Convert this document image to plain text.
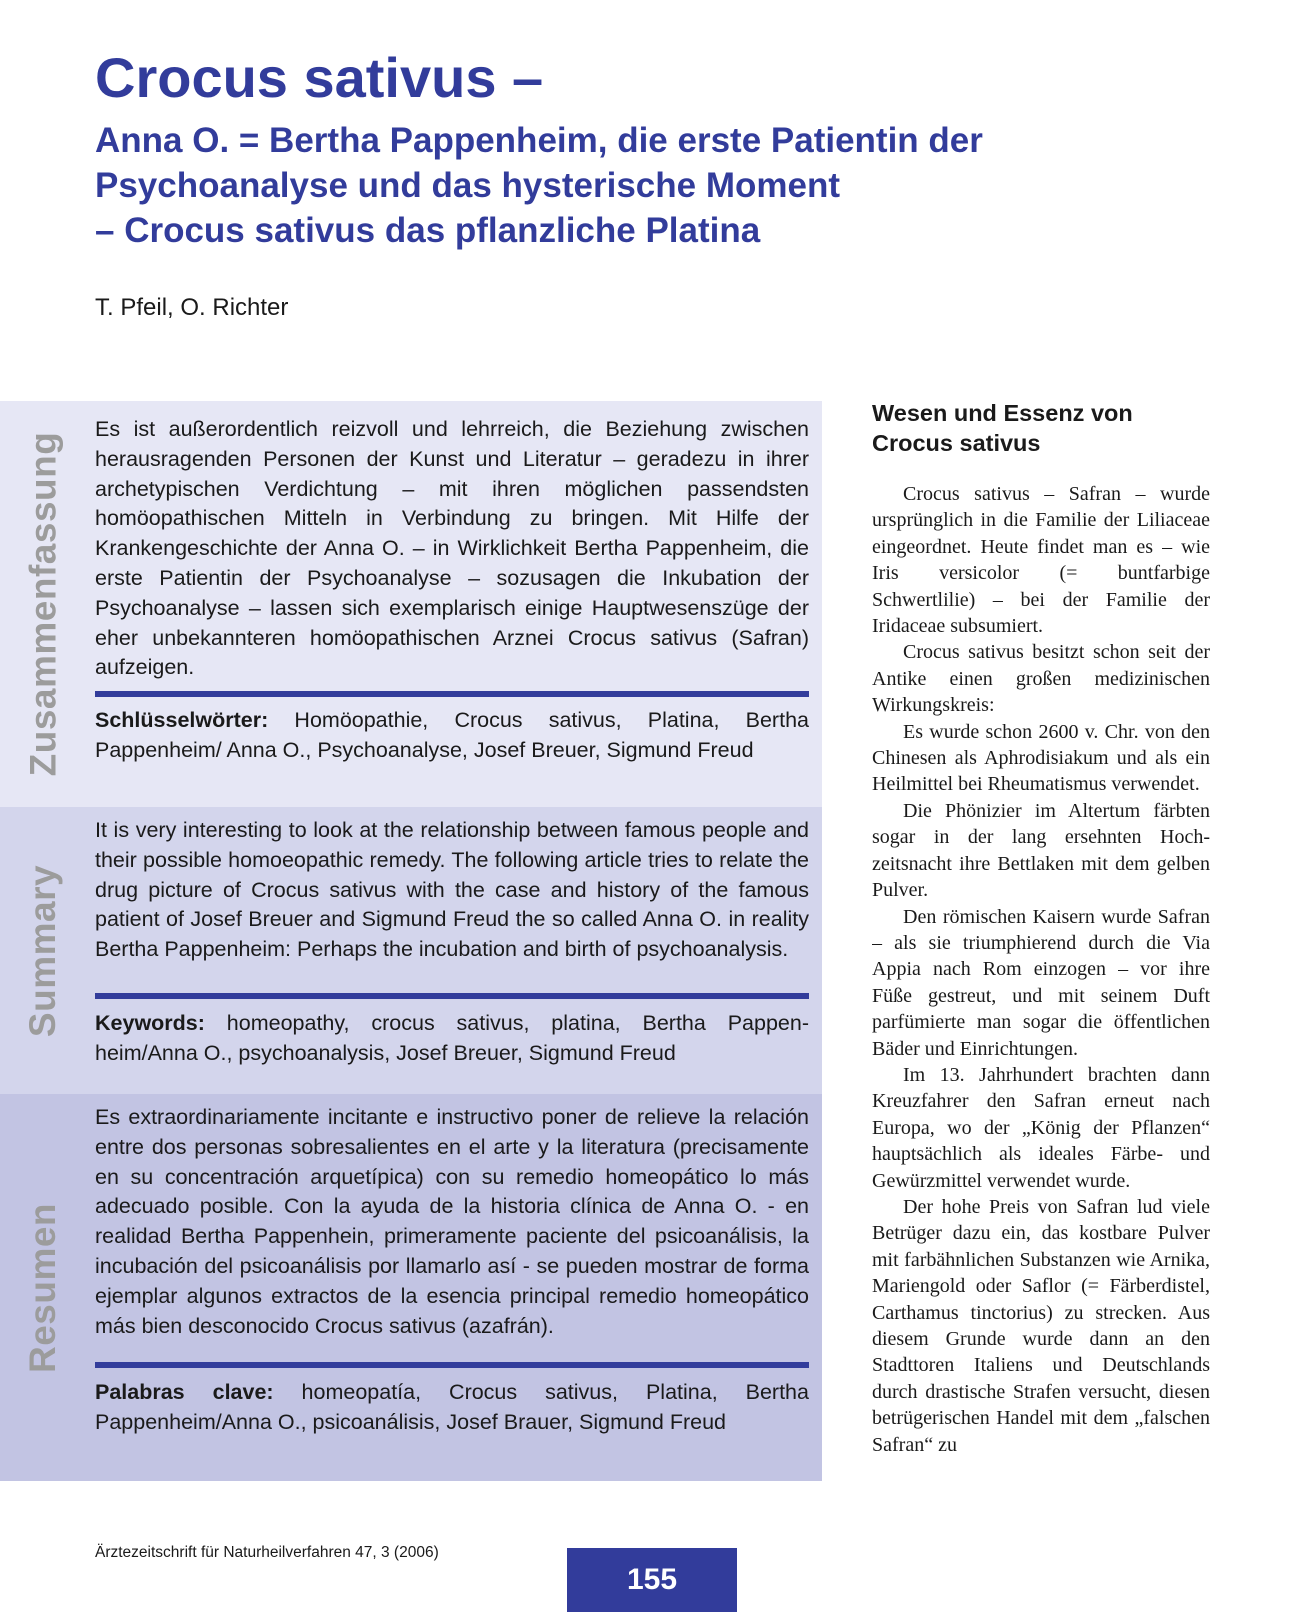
Crocus sativus –
Anna O. = Bertha Pappenheim, die erste Patientin der
Psychoanalyse und das hysterische Moment
– Crocus sativus das pflanzliche Platina
T. Pfeil, O. Richter
Zusammenfassung

Es ist außerordentlich reizvoll und lehrreich, die Beziehung zwischen herausragenden Personen der Kunst und Literatur – geradezu in ihrer archetypischen Verdichtung – mit ihren möglichen passendsten homöopathischen Mitteln in Verbindung zu bringen. Mit Hilfe der Krankengeschichte der Anna O. – in Wirklichkeit Bertha Pappenheim, die erste Patientin der Psychoanalyse – sozusagen die Inkubation der Psychoanalyse – lassen sich exemplarisch einige Hauptwesenszüge der eher unbekannteren homöopathischen Arznei Crocus sativus (Safran) aufzeigen.

Schlüsselwörter: Homöopathie, Crocus sativus, Platina, Bertha Pappenheim/ Anna O., Psychoanalyse, Josef Breuer, Sigmund Freud

Summary

It is very interesting to look at the relationship between famous people and their possible homoeopathic remedy. The following article tries to relate the drug picture of Crocus sativus with the case and history of the famous patient of Josef Breuer and Sigmund Freud the so called Anna O. in reality Bertha Pappenheim: Perhaps the incubation and birth of psychoanalysis.

Keywords: homeopathy, crocus sativus, platina, Bertha Pappenheim/Anna O., psychoanalysis, Josef Breuer, Sigmund Freud

Resumen

Es extraordinariamente incitante e instructivo poner de relieve la relación entre dos personas sobresalientes en el arte y la literatura (precisamente en su concentración arquetípica) con su remedio homeopático lo más adecuado posible. Con la ayuda de la historia clínica de Anna O. - en realidad Bertha Pappenhein, primeramente paciente del psicoanálisis, la incubación del psicoanálisis por llamarlo así - se pueden mostrar de forma ejemplar algunos extractos de la esencia principal remedio homeopático más bien desconocido Crocus sativus (azafrán).

Palabras clave: homeopatía, Crocus sativus, Platina, Bertha Pappenheim/Anna O., psicoanálisis, Josef Brauer, Sigmund Freud

Wesen und Essenz von Crocus sativus

Crocus sativus – Safran – wurde ursprünglich in die Familie der Liliaceae eingeordnet. Heute findet man es – wie Iris versicolor (= buntfarbige Schwertlilie) – bei der Familie der Iridaceae subsumiert.

Crocus sativus besitzt schon seit der Antike einen großen medizinischen Wirkungskreis:

Es wurde schon 2600 v. Chr. von den Chinesen als Aphrodisiakum und als ein Heilmittel bei Rheumatismus verwendet.

Die Phönizier im Altertum färbten sogar in der lang ersehnten Hochzeitsnacht ihre Bettlaken mit dem gelben Pulver.

Den römischen Kaisern wurde Safran – als sie triumphierend durch die Via Appia nach Rom einzogen – vor ihre Füße gestreut, und mit seinem Duft parfümierte man sogar die öffentlichen Bäder und Einrichtungen.

Im 13. Jahrhundert brachten dann Kreuzfahrer den Safran erneut nach Europa, wo der „König der Pflanzen“ hauptsächlich als ideales Färbe- und Gewürzmittel verwendet wurde.

Der hohe Preis von Safran lud viele Betrüger dazu ein, das kostbare Pulver mit farbähnlichen Substanzen wie Arnika, Mariengold oder Saflor (= Färberdistel, Carthamus tinctorius) zu strecken. Aus diesem Grunde wurde dann an den Stadttoren Italiens und Deutschlands durch drastische Strafen versucht, diesen betrügerischen Handel mit dem „falschen Safran“ zu

Ärztezeitschrift für Naturheilverfahren 47, 3 (2006)
155
